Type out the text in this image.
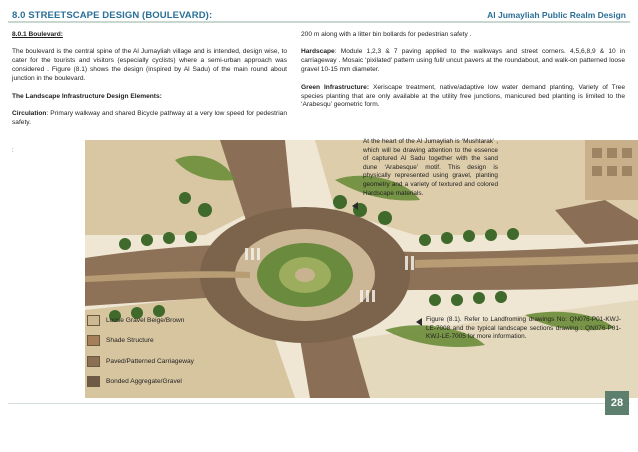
8.0 STREETSCAPE DESIGN (BOULEVARD):	Al Jumayliah Public Realm Design

8.0.1 Boulevard:

The boulevard is the central spine of the Al Jumayliah village and is intended, design wise, to cater for the tourists and visitors (especially cyclists) where a semi-urban approach was considered . Figure (8.1) shows the design (inspired by Al Sadu) of the main round about junction in the boulevard.

The Landscape Infrastructure Design Elements:

Circulation: Primary walkway and shared Bicycle pathway at a very low speed for pedestrian safety.

:

200 m along with a litter bin bollards for pedestrian safety .

Hardscape: Module 1,2,3 & 7 paving applied to the walkways and street corners. 4,5,6,8,9 & 10 in carriageway . Mosaic ‘pixilated’ pattern using full/ uncut pavers at the roundabout, and walk-on patterned loose gravel 10-15 mm diameter.

Green Infrastructure: Xeriscape treatment, native/adaptive low water demand planting, Variety of Tree species planting that are only available at the utility free junctions, manicured bed planting is limited to the ‘Arabesqu’ geometric form.

At the heart of the Al Jumayliah is ‘Mushtarak’ , which will be drawing attention to the essence of captured Al Sadu together with the sand dune ‘Arabesque’ motif. This design is physically represented using gravel, planting geometry and a variety of textured and colored Hardscape materials.
Figure (8.1). Refer to Landfroming drawings No: QN076-P01-KWJ-LE-7008 and the typical landscape sections drawing : QN076-P01-KWJ-LE-7005 for more information.
Loose Gravel Beige/Brown
Shade Structure
Paved/Patterned Carriageway
Bonded Aggregate/Gravel
28
